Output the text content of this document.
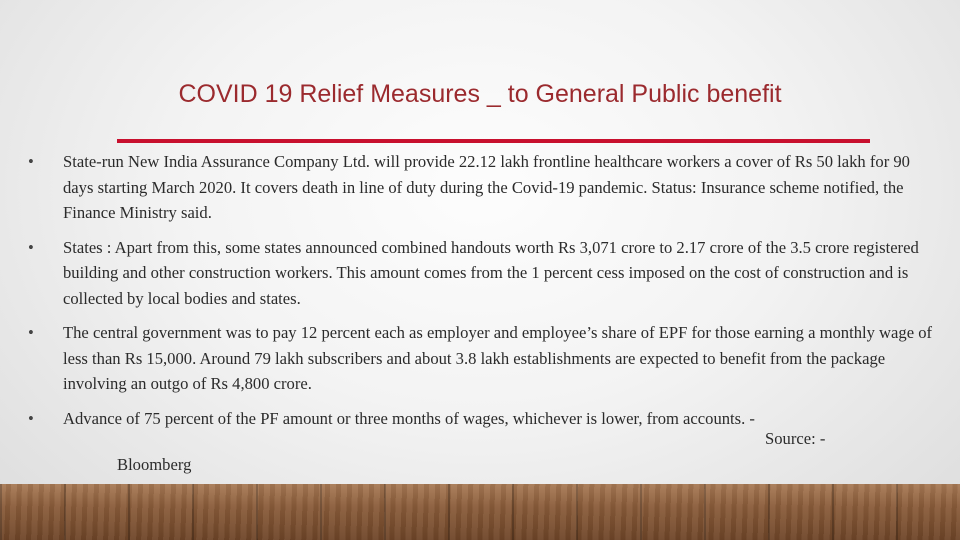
COVID 19 Relief Measures _ to General Public benefit
•	State-run New India Assurance Company Ltd. will provide 22.12 lakh frontline healthcare workers a cover of Rs 50 lakh for 90 days starting March 2020. It covers death in line of duty during the Covid-19 pandemic. Status: Insurance scheme notified, the Finance Ministry said.
•	States : Apart from this, some states announced combined handouts worth Rs 3,071 crore to 2.17 crore of the 3.5 crore registered building and other construction workers. This amount comes from the 1 percent cess imposed on the cost of construction and is collected by local bodies and states.
•	The central government was to pay 12 percent each as employer and employee’s share of EPF for those earning a monthly wage of less than Rs 15,000. Around 79 lakh subscribers and about 3.8 lakh establishments are expected to benefit from the package involving an outgo of Rs 4,800 crore.
•	Advance of 75 percent of the PF amount or three months of wages, whichever is lower, from accounts. -
Source: -
Bloomberg
